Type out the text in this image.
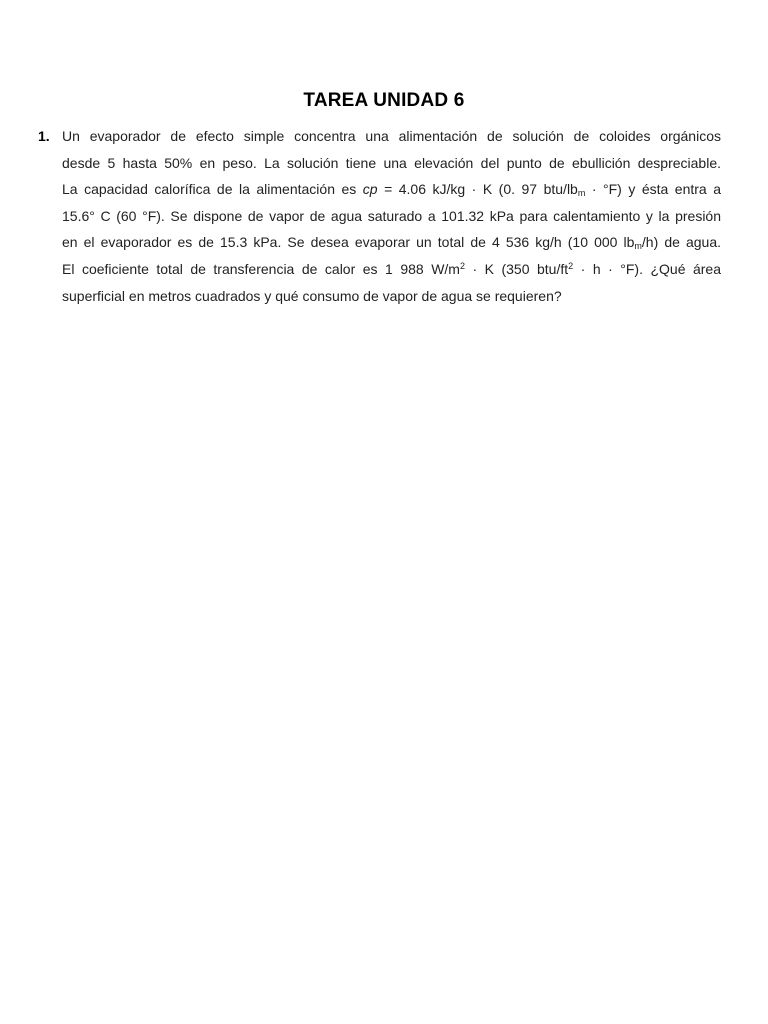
TAREA UNIDAD 6
1. Un evaporador de efecto simple concentra una alimentación de solución de coloides orgánicos
desde 5 hasta 50% en peso. La solución tiene una elevación del punto de ebullición despreciable.
La capacidad calorífica de la alimentación es cp = 4.06 kJ/kg · K (0. 97 btu/$lb_m \cdot ^\circ F$) y ésta entra a
15.6° C (60 °F). Se dispone de vapor de agua saturado a 101.32 kPa para calentamiento y la presión
en el evaporador es de 15.3 kPa. Se desea evaporar un total de 4 536 kg/h (10 000 $lb_m/h$) de agua.
El coeficiente total de transferencia de calor es 1 988 $W/m^2 \cdot K$ (350 btu/$ft^2 \cdot h \cdot ^\circ F$). ¿Qué área
superficial en metros cuadrados y qué consumo de vapor de agua se requieren?
